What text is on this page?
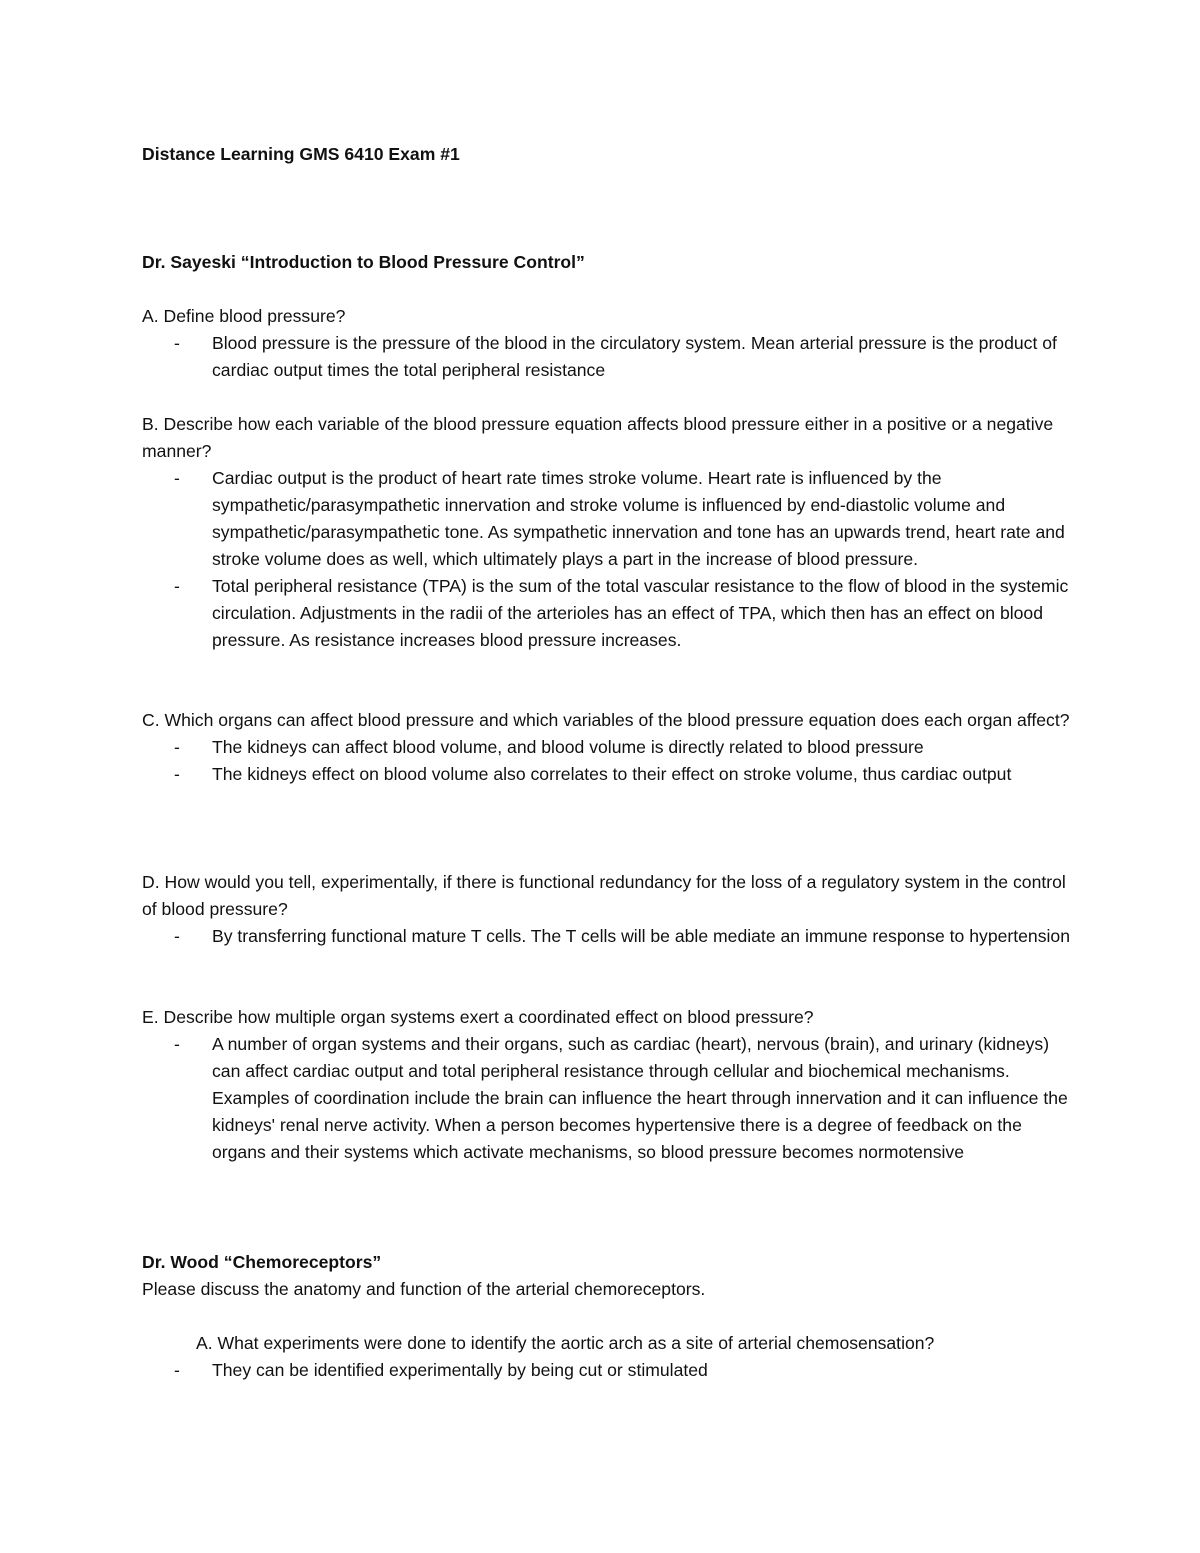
Distance Learning GMS 6410 Exam #1
Dr. Sayeski “Introduction to Blood Pressure Control”

A. Define blood pressure?

- Blood pressure is the pressure of the blood in the circulatory system. Mean arterial pressure is the product of cardiac output times the total peripheral resistance

B. Describe how each variable of the blood pressure equation affects blood pressure either in a positive or a negative manner?

- Cardiac output is the product of heart rate times stroke volume. Heart rate is influenced by the sympathetic/parasympathetic innervation and stroke volume is influenced by end-diastolic volume and sympathetic/parasympathetic tone. As sympathetic innervation and tone has an upwards trend, heart rate and stroke volume does as well, which ultimately plays a part in the increase of blood pressure.
- Total peripheral resistance (TPA) is the sum of the total vascular resistance to the flow of blood in the systemic circulation. Adjustments in the radii of the arterioles has an effect of TPA, which then has an effect on blood pressure. As resistance increases blood pressure increases.

C. Which organs can affect blood pressure and which variables of the blood pressure equation does each organ affect?

- The kidneys can affect blood volume, and blood volume is directly related to blood pressure
- The kidneys effect on blood volume also correlates to their effect on stroke volume, thus cardiac output

D. How would you tell, experimentally, if there is functional redundancy for the loss of a regulatory system in the control of blood pressure?

- By transferring functional mature T cells. The T cells will be able mediate an immune response to hypertension

E. Describe how multiple organ systems exert a coordinated effect on blood pressure?

- A number of organ systems and their organs, such as cardiac (heart), nervous (brain), and urinary (kidneys) can affect cardiac output and total peripheral resistance through cellular and biochemical mechanisms. Examples of coordination include the brain can influence the heart through innervation and it can influence the kidneys' renal nerve activity. When a person becomes hypertensive there is a degree of feedback on the organs and their systems which activate mechanisms, so blood pressure becomes normotensive
Dr. Wood “Chemoreceptors”
Please discuss the anatomy and function of the arterial chemoreceptors.
A. What experiments were done to identify the aortic arch as a site of arterial chemosensation?
- They can be identified experimentally by being cut or stimulated
